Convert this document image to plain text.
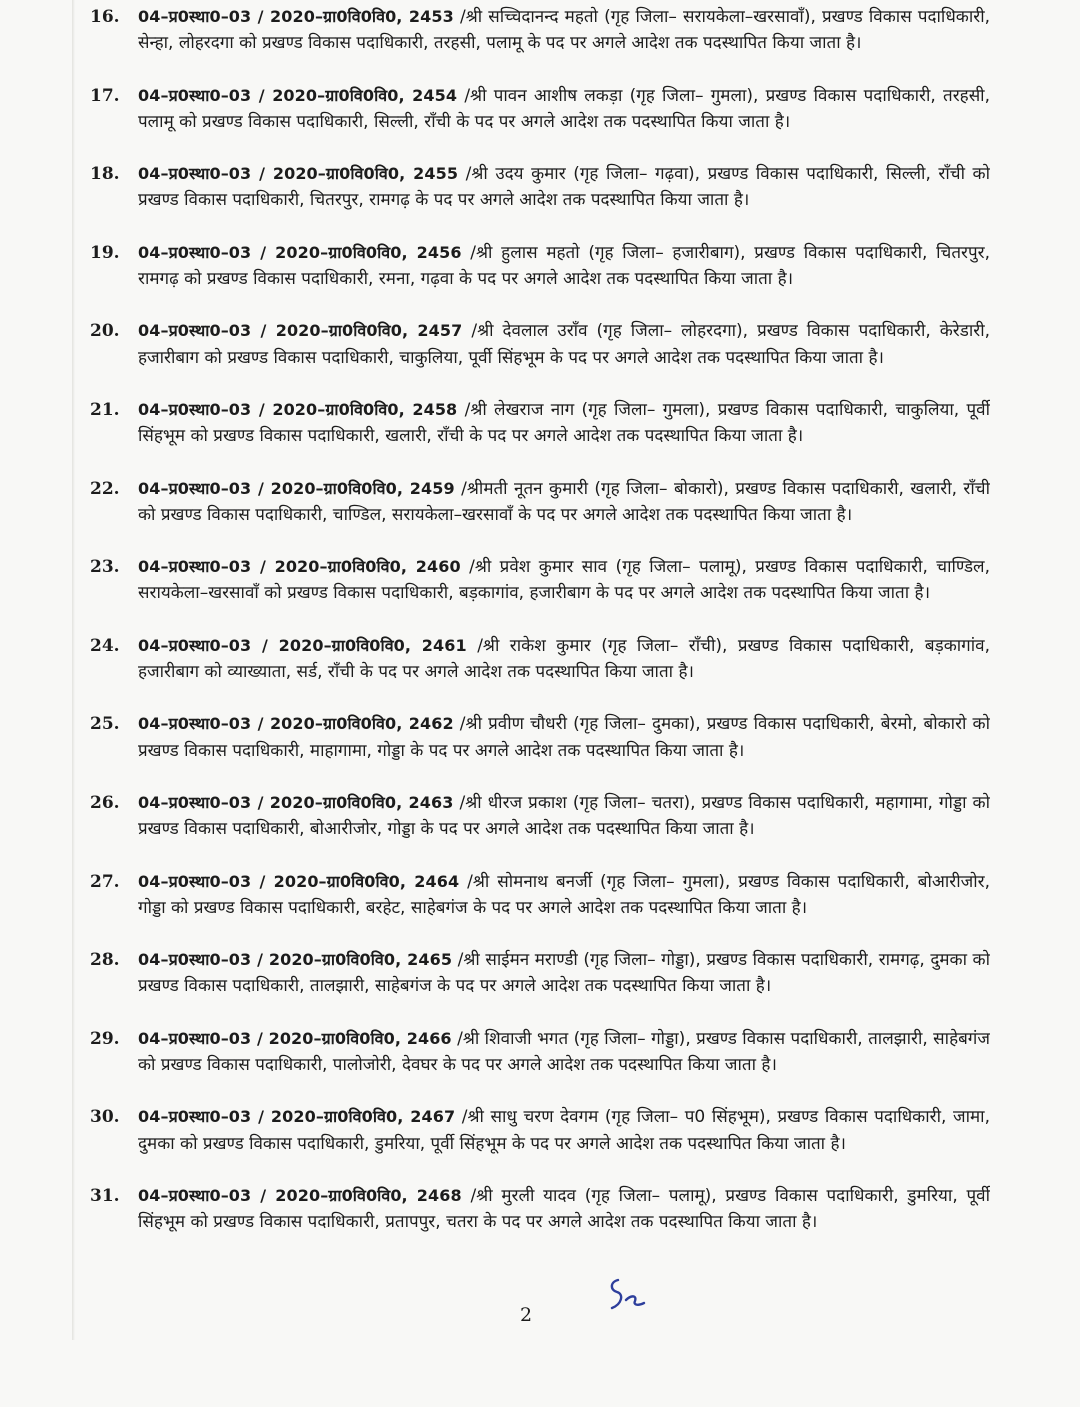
16. 04–प्र0स्था0–03 / 2020–ग्रा0वि0वि0, 2453 /श्री सच्चिदानन्द महतो (गृह जिला– सरायकेला–खरसावाँ), प्रखण्ड विकास पदाधिकारी, सेन्हा, लोहरदगा को प्रखण्ड विकास पदाधिकारी, तरहसी, पलामू के पद पर अगले आदेश तक पदस्थापित किया जाता है।
17. 04–प्र0स्था0–03 / 2020–ग्रा0वि0वि0, 2454 /श्री पावन आशीष लकड़ा (गृह जिला– गुमला), प्रखण्ड विकास पदाधिकारी, तरहसी, पलामू को प्रखण्ड विकास पदाधिकारी, सिल्ली, राँची के पद पर अगले आदेश तक पदस्थापित किया जाता है।
18. 04–प्र0स्था0–03 / 2020–ग्रा0वि0वि0, 2455 /श्री उदय कुमार (गृह जिला– गढ़वा), प्रखण्ड विकास पदाधिकारी, सिल्ली, राँची को प्रखण्ड विकास पदाधिकारी, चितरपुर, रामगढ़ के पद पर अगले आदेश तक पदस्थापित किया जाता है।
19. 04–प्र0स्था0–03 / 2020–ग्रा0वि0वि0, 2456 /श्री हुलास महतो (गृह जिला– हजारीबाग), प्रखण्ड विकास पदाधिकारी, चितरपुर, रामगढ़ को प्रखण्ड विकास पदाधिकारी, रमना, गढ़वा के पद पर अगले आदेश तक पदस्थापित किया जाता है।
20. 04–प्र0स्था0–03 / 2020–ग्रा0वि0वि0, 2457 /श्री देवलाल उराँव (गृह जिला– लोहरदगा), प्रखण्ड विकास पदाधिकारी, केरेडारी, हजारीबाग को प्रखण्ड विकास पदाधिकारी, चाकुलिया, पूर्वी सिंहभूम के पद पर अगले आदेश तक पदस्थापित किया जाता है।
21. 04–प्र0स्था0–03 / 2020–ग्रा0वि0वि0, 2458 /श्री लेखराज नाग (गृह जिला– गुमला), प्रखण्ड विकास पदाधिकारी, चाकुलिया, पूर्वी सिंहभूम को प्रखण्ड विकास पदाधिकारी, खलारी, राँची के पद पर अगले आदेश तक पदस्थापित किया जाता है।
22. 04–प्र0स्था0–03 / 2020–ग्रा0वि0वि0, 2459 /श्रीमती नूतन कुमारी (गृह जिला– बोकारो), प्रखण्ड विकास पदाधिकारी, खलारी, राँची को प्रखण्ड विकास पदाधिकारी, चाण्डिल, सरायकेला–खरसावाँ के पद पर अगले आदेश तक पदस्थापित किया जाता है।
23. 04–प्र0स्था0–03 / 2020–ग्रा0वि0वि0, 2460 /श्री प्रवेश कुमार साव (गृह जिला– पलामू), प्रखण्ड विकास पदाधिकारी, चाण्डिल, सरायकेला–खरसावाँ को प्रखण्ड विकास पदाधिकारी, बड़कागांव, हजारीबाग के पद पर अगले आदेश तक पदस्थापित किया जाता है।
24. 04–प्र0स्था0–03 / 2020–ग्रा0वि0वि0, 2461 /श्री राकेश कुमार (गृह जिला– राँची), प्रखण्ड विकास पदाधिकारी, बड़कागांव, हजारीबाग को व्याख्याता, सर्ड, राँची के पद पर अगले आदेश तक पदस्थापित किया जाता है।
25. 04–प्र0स्था0–03 / 2020–ग्रा0वि0वि0, 2462 /श्री प्रवीण चौधरी (गृह जिला– दुमका), प्रखण्ड विकास पदाधिकारी, बेरमो, बोकारो को प्रखण्ड विकास पदाधिकारी, माहागामा, गोड्डा के पद पर अगले आदेश तक पदस्थापित किया जाता है।
26. 04–प्र0स्था0–03 / 2020–ग्रा0वि0वि0, 2463 /श्री धीरज प्रकाश (गृह जिला– चतरा), प्रखण्ड विकास पदाधिकारी, महागामा, गोड्डा को प्रखण्ड विकास पदाधिकारी, बोआरीजोर, गोड्डा के पद पर अगले आदेश तक पदस्थापित किया जाता है।
27. 04–प्र0स्था0–03 / 2020–ग्रा0वि0वि0, 2464 /श्री सोमनाथ बनर्जी (गृह जिला– गुमला), प्रखण्ड विकास पदाधिकारी, बोआरीजोर, गोड्डा को प्रखण्ड विकास पदाधिकारी, बरहेट, साहेबगंज के पद पर अगले आदेश तक पदस्थापित किया जाता है।
28. 04–प्र0स्था0–03 / 2020–ग्रा0वि0वि0, 2465 /श्री साईमन मराण्डी (गृह जिला– गोड्डा), प्रखण्ड विकास पदाधिकारी, रामगढ़, दुमका को प्रखण्ड विकास पदाधिकारी, तालझारी, साहेबगंज के पद पर अगले आदेश तक पदस्थापित किया जाता है।
29. 04–प्र0स्था0–03 / 2020–ग्रा0वि0वि0, 2466 /श्री शिवाजी भगत (गृह जिला– गोड्डा), प्रखण्ड विकास पदाधिकारी, तालझारी, साहेबगंज को प्रखण्ड विकास पदाधिकारी, पालोजोरी, देवघर के पद पर अगले आदेश तक पदस्थापित किया जाता है।
30. 04–प्र0स्था0–03 / 2020–ग्रा0वि0वि0, 2467 /श्री साधु चरण देवगम (गृह जिला– प0 सिंहभूम), प्रखण्ड विकास पदाधिकारी, जामा, दुमका को प्रखण्ड विकास पदाधिकारी, डुमरिया, पूर्वी सिंहभूम के पद पर अगले आदेश तक पदस्थापित किया जाता है।
31. 04–प्र0स्था0–03 / 2020–ग्रा0वि0वि0, 2468 /श्री मुरली यादव (गृह जिला– पलामू), प्रखण्ड विकास पदाधिकारी, डुमरिया, पूर्वी सिंहभूम को प्रखण्ड विकास पदाधिकारी, प्रतापपुर, चतरा के पद पर अगले आदेश तक पदस्थापित किया जाता है।
2
